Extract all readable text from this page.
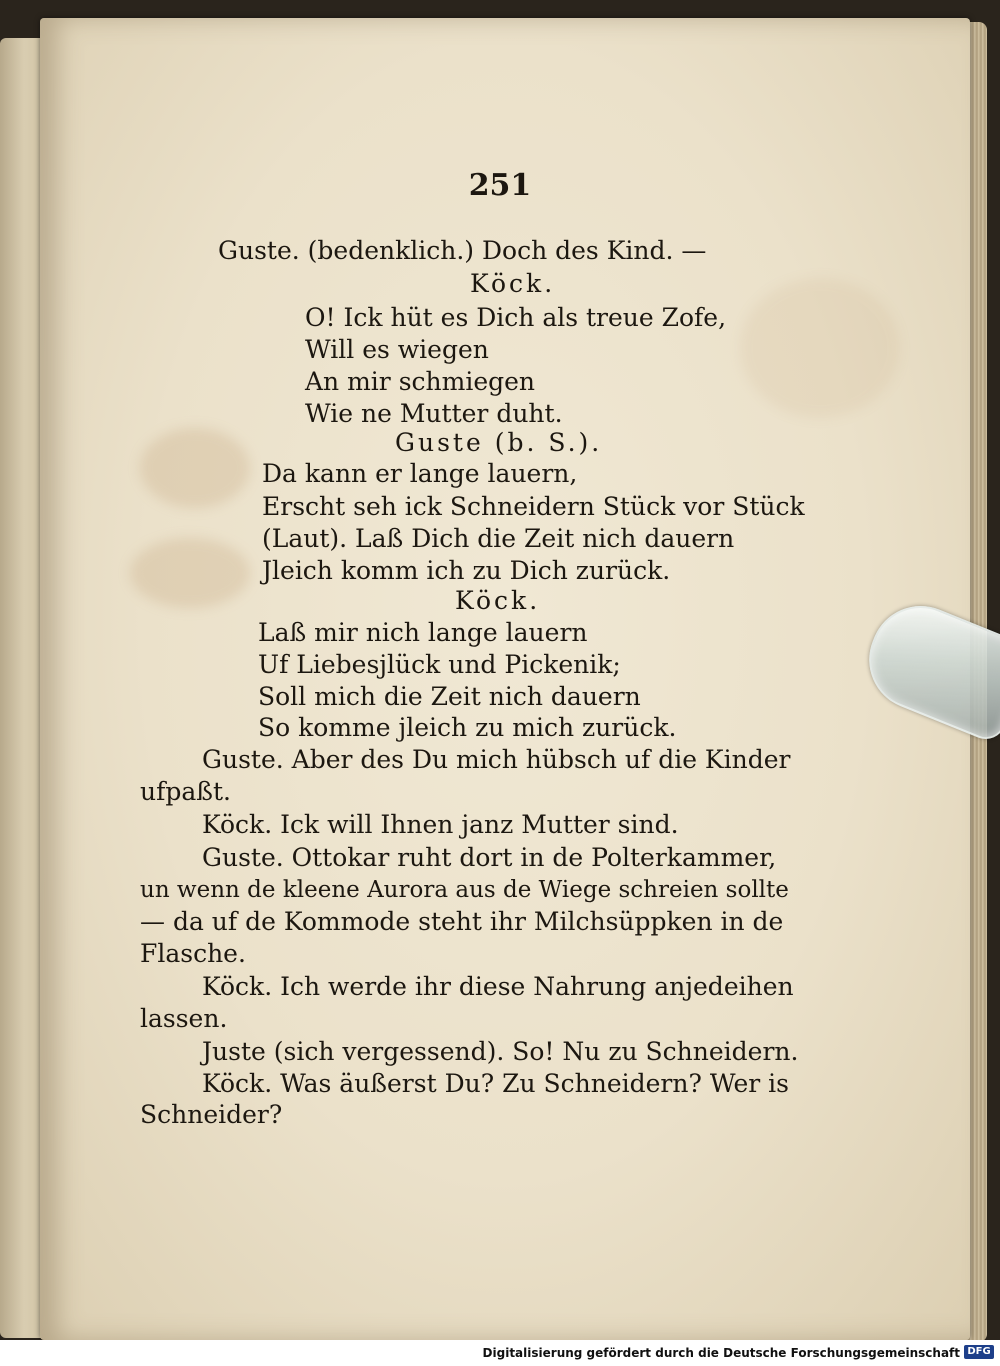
251
Guste. (bedenklich.) Doch des Kind. —
Köck.
O! Ick hüt es Dich als treue Zofe,
Will es wiegen
An mir schmiegen
Wie ne Mutter duht.
Guste (b. S.).
Da kann er lange lauern,
Erscht seh ick Schneidern Stück vor Stück
(Laut). Laß Dich die Zeit nich dauern
Jleich komm ich zu Dich zurück.
Köck.
Laß mir nich lange lauern
Uf Liebesjlück und Pickenik;
Soll mich die Zeit nich dauern
So komme jleich zu mich zurück.
Guste. Aber des Du mich hübsch uf die Kinder
ufpaßt.
Köck. Ick will Ihnen janz Mutter sind.
Guste. Ottokar ruht dort in de Polterkammer,
un wenn de kleene Aurora aus de Wiege schreien sollte
— da uf de Kommode steht ihr Milchsüppken in de
Flasche.
Köck. Ich werde ihr diese Nahrung anjedeihen
lassen.
Juste (sich vergessend). So! Nu zu Schneidern.
Köck. Was äußerst Du? Zu Schneidern? Wer is
Schneider?
Digitalisierung gefördert durch die Deutsche Forschungsgemeinschaft DFG
